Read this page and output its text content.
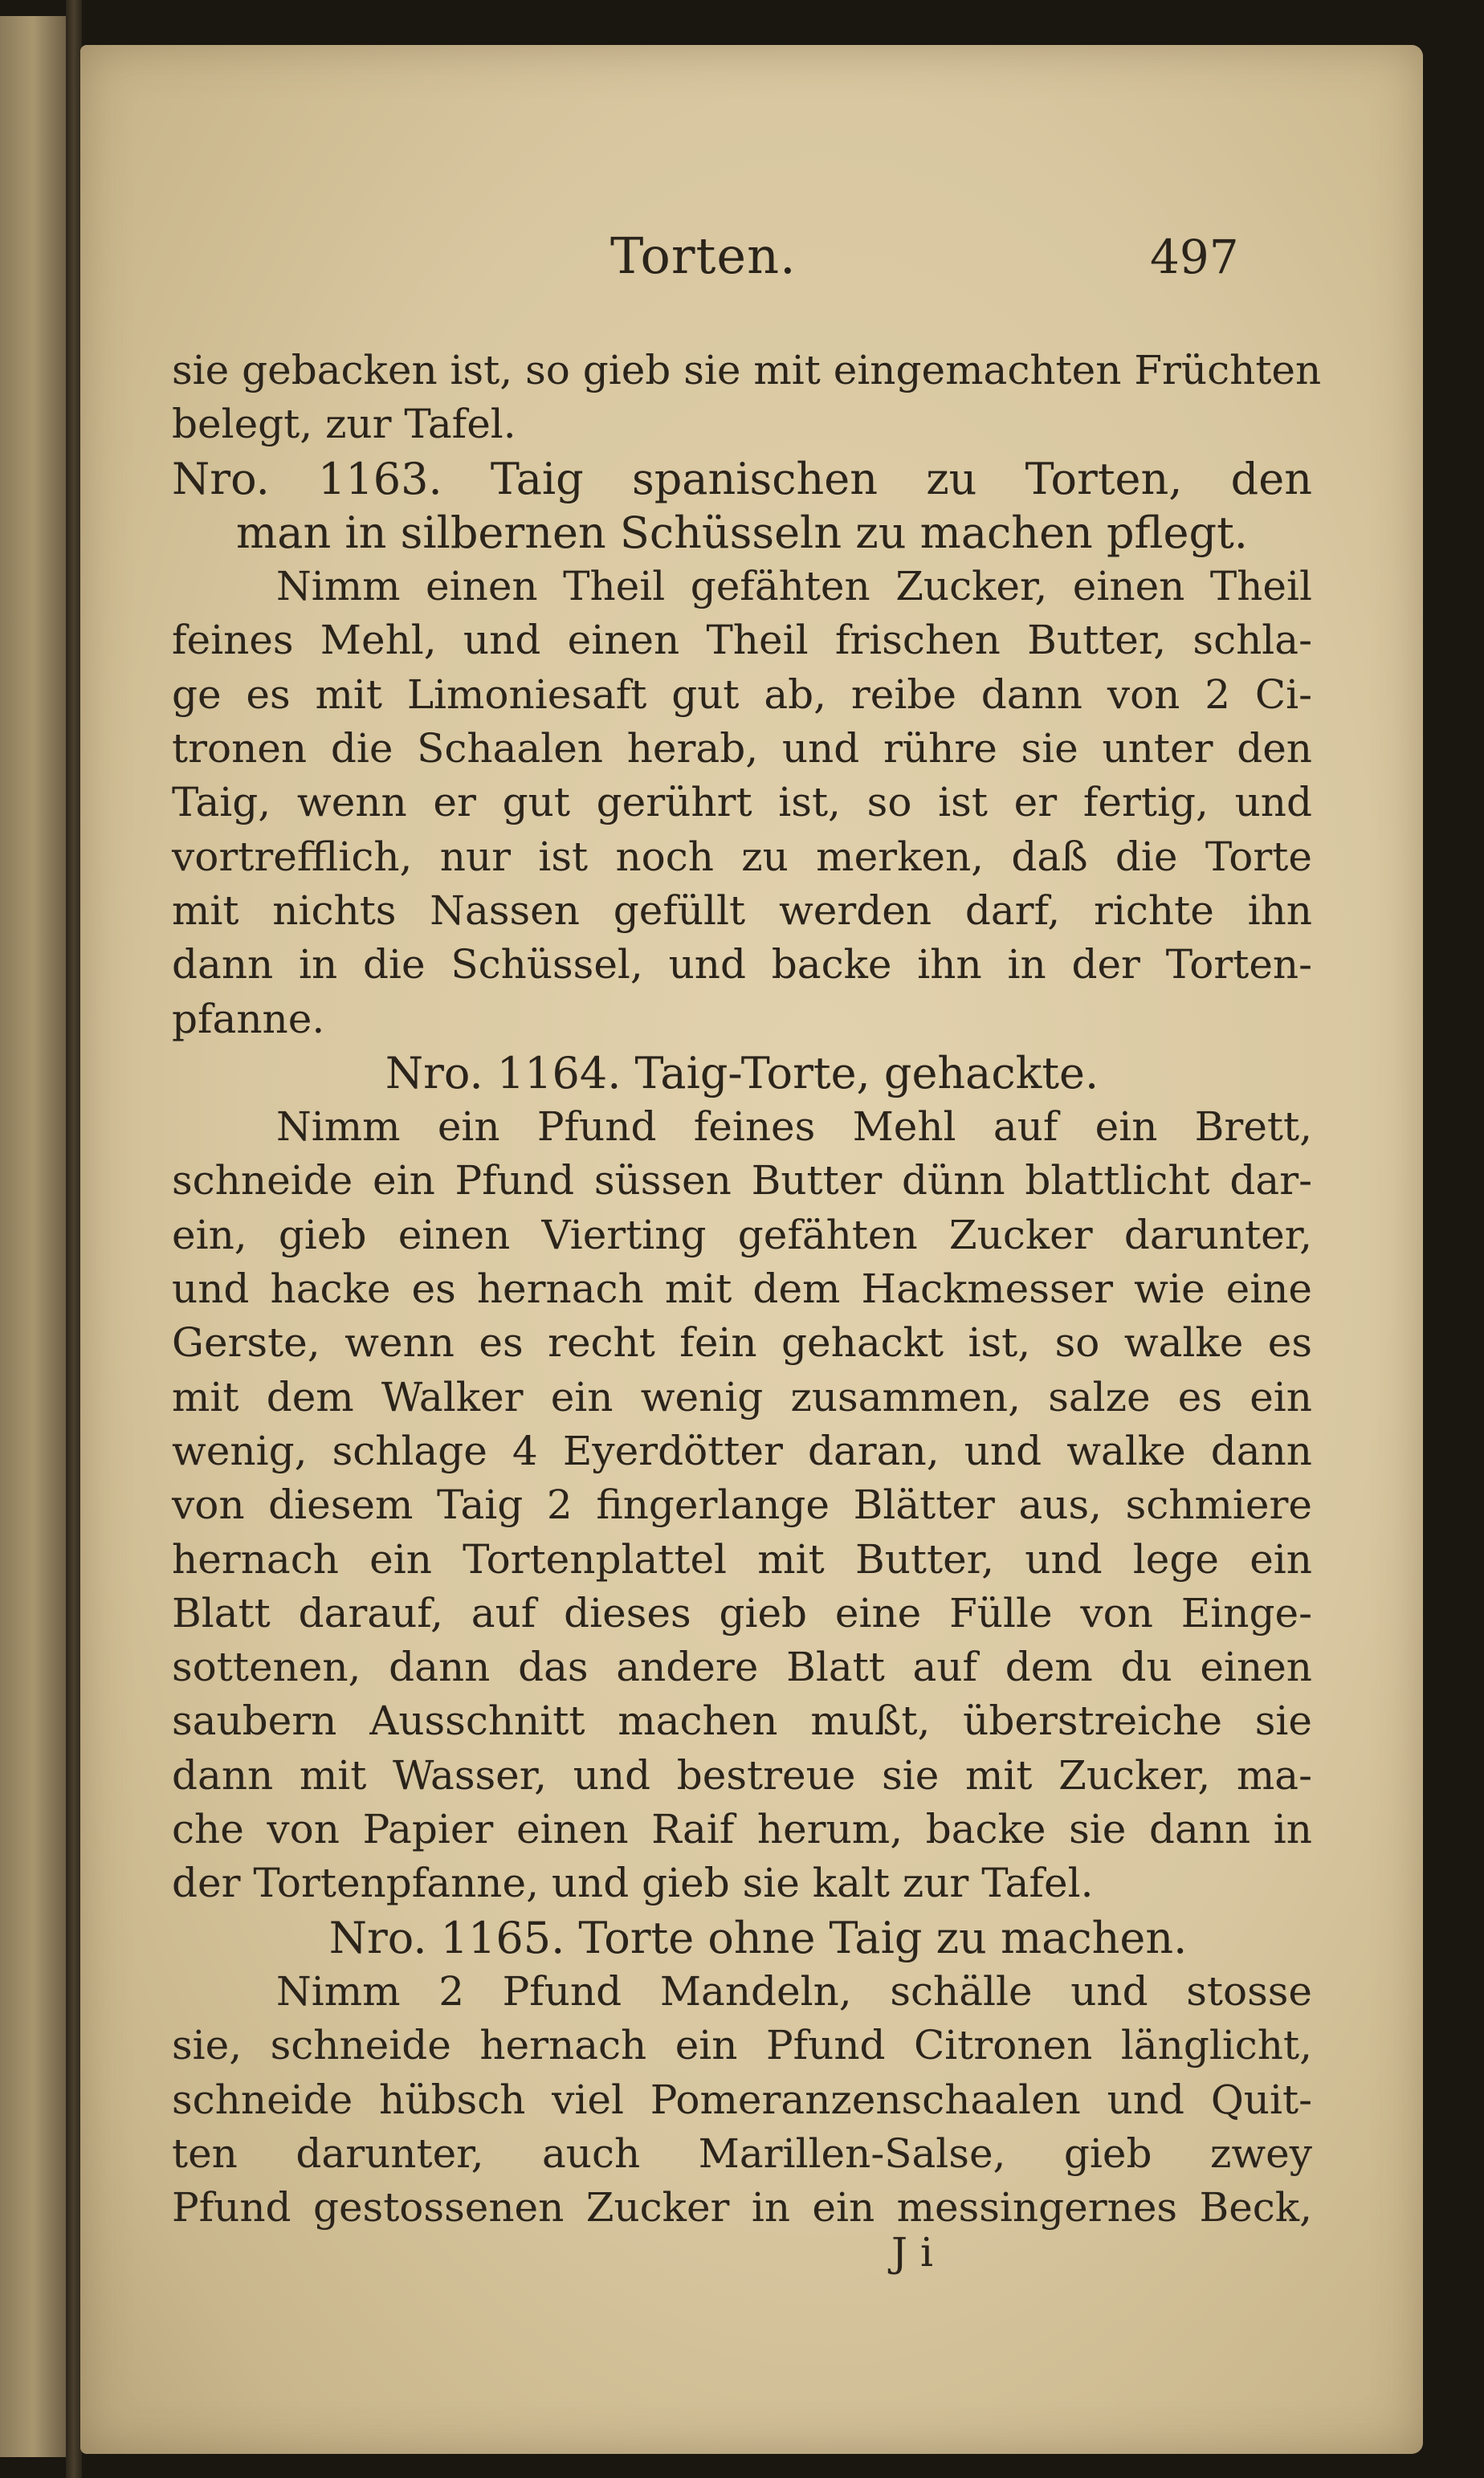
Torten.	497
sie gebacken ist, so gieb sie mit eingemachten Früchten
belegt, zur Tafel.
Nro. 1163. Taig spanischen zu Torten, den
man in silbernen Schüsseln zu machen pflegt.
Nimm einen Theil gefähten Zucker, einen Theil
feines Mehl, und einen Theil frischen Butter, schla-
ge es mit Limoniesaft gut ab, reibe dann von 2 Ci-
tronen die Schaalen herab, und rühre sie unter den
Taig, wenn er gut gerührt ist, so ist er fertig, und
vortrefflich, nur ist noch zu merken, daß die Torte
mit nichts Nassen gefüllt werden darf, richte ihn
dann in die Schüssel, und backe ihn in der Torten-
pfanne.
Nro. 1164. Taig-Torte, gehackte.
Nimm ein Pfund feines Mehl auf ein Brett,
schneide ein Pfund süssen Butter dünn blattlicht dar-
ein, gieb einen Vierting gefähten Zucker darunter,
und hacke es hernach mit dem Hackmesser wie eine
Gerste, wenn es recht fein gehackt ist, so walke es
mit dem Walker ein wenig zusammen, salze es ein
wenig, schlage 4 Eyerdötter daran, und walke dann
von diesem Taig 2 fingerlange Blätter aus, schmiere
hernach ein Tortenplattel mit Butter, und lege ein
Blatt darauf, auf dieses gieb eine Fülle von Einge-
sottenen, dann das andere Blatt auf dem du einen
saubern Ausschnitt machen mußt, überstreiche sie
dann mit Wasser, und bestreue sie mit Zucker, ma-
che von Papier einen Raif herum, backe sie dann in
der Tortenpfanne, und gieb sie kalt zur Tafel.
Nro. 1165. Torte ohne Taig zu machen.
Nimm 2 Pfund Mandeln, schälle und stosse
sie, schneide hernach ein Pfund Citronen länglicht,
schneide hübsch viel Pomeranzenschaalen und Quit-
ten darunter, auch Marillen-Salse, gieb zwey
Pfund gestossenen Zucker in ein messingernes Beck,
J i
